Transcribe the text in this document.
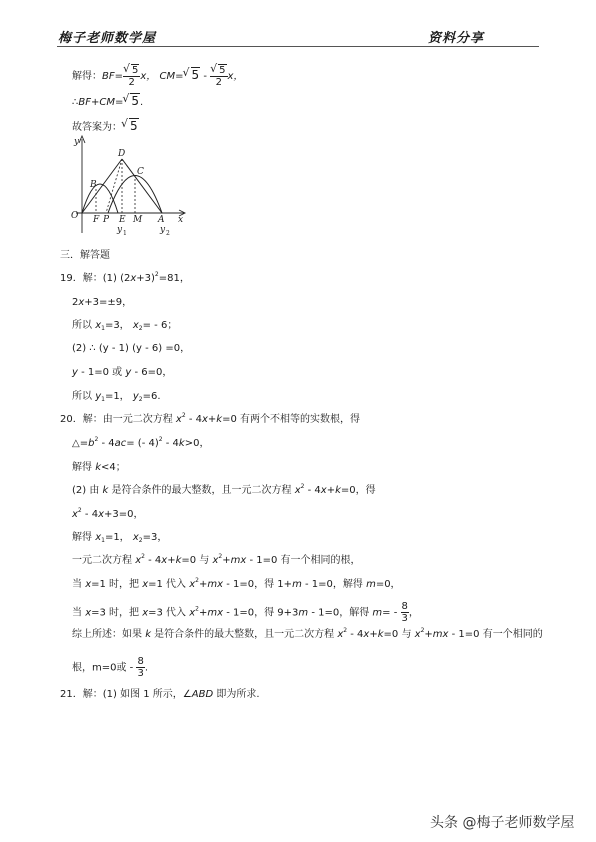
梅子老师数学屋	资料分享
解得：BF= √ $\frac{5}{2}$ x， CM= √ 5 - √ $\frac{5}{2}$ x，
∴BF+CM= √ 5.
故答案为： √ 5
y
O
B
D
C
F P E M A x
y 1	y 2
三．解答题
19．解：(1) $(2x+3)^2=81$，
2x+3=±9，
所以 $x_1=3$， $x_2= - 6$；
(2) ∴ (y - 1) (y - 6) =0，
y - 1=0 或 y - 6=0，
所以 $y_1=1$， $y_2=6$.
20．解：由一元二次方程 $x^2 - 4x+k=0$ 有两个不相等的实数根，得
$\triangle=b^2 - 4ac=$ (- 4)$^2$ - 4k>0，
解得 k<4；
(2) 由 k 是符合条件的最大整数，且一元二次方程 $x^2 - 4x+k=0$，得
$x^2 - 4x+3=0$，
解得 $x_1=1$， $x_2=3$，
一元二次方程 $x^2 - 4x+k=0$ 与 $x^2+mx - 1=0$ 有一个相同的根，
当 x=1 时，把 x=1 代入 $x^2+mx - 1=0$，得 1+m - 1=0，解得 m=0，
当 x=3 时，把 x=3 代入 $x^2+mx - 1=0$，得 9+3m - 1=0，解得 $m= - \frac{8}{3}$ ，
综上所述：如果 k 是符合条件的最大整数，且一元二次方程 $x^2 - 4x+k=0$ 与 $x^2+mx - 1=0$ 有一个相同的
根，m=0或 - $\frac{8}{3}$ .
21．解：(1) 如图 1 所示，∠ABD 即为所求.
头条 @梅子老师数学屋
